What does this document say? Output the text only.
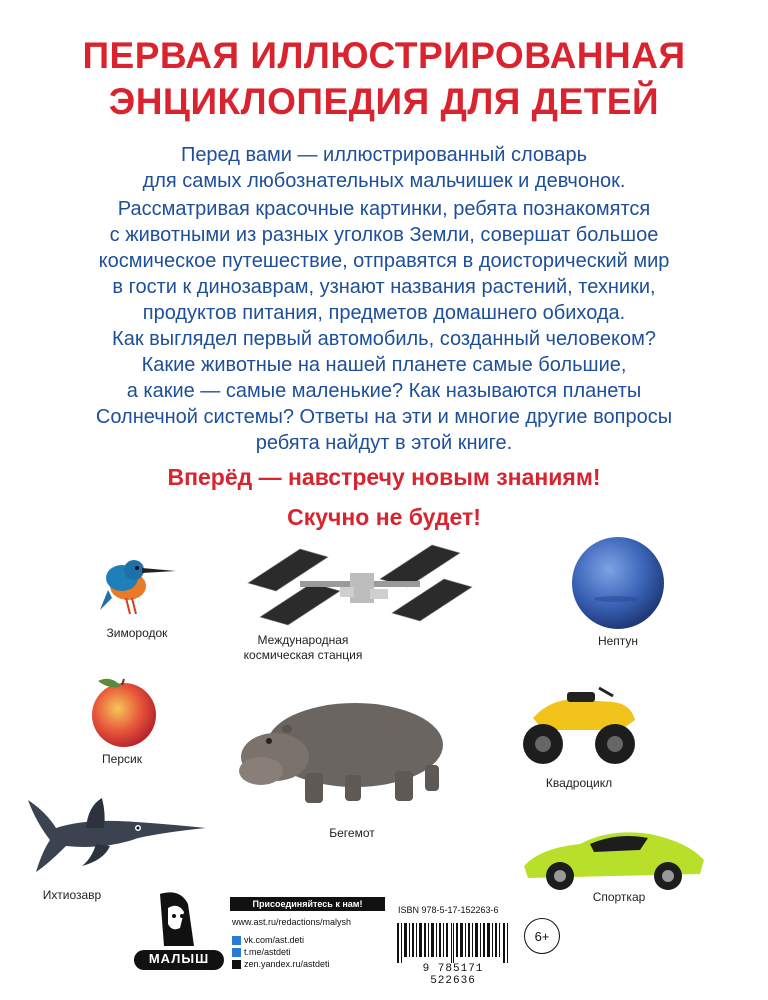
ПЕРВАЯ ИЛЛЮСТРИРОВАННАЯ
ЭНЦИКЛОПЕДИЯ ДЛЯ ДЕТЕЙ
Перед вами — иллюстрированный словарь
для самых любознательных мальчишек и девчонок.
Рассматривая красочные картинки, ребята познакомятся
с животными из разных уголков Земли, совершат большое
космическое путешествие, отправятся в доисторический мир
в гости к динозаврам, узнают названия растений, техники,
продуктов питания, предметов домашнего обихода.
Как выглядел первый автомобиль, созданный человеком?
Какие животные на нашей планете самые большие,
а какие — самые маленькие? Как называются планеты
Солнечной системы? Ответы на эти и многие другие вопросы
ребята найдут в этой книге.
Вперёд — навстречу новым знаниям!
Скучно не будет!
Зимородок	Международная
космическая станция
Нептун
Персик
Бегемот
Квадроцикл
Ихтиозавр	Спорткар
МАЛЫШ
Присоединяйтесь к нам!
www.ast.ru/redactions/malysh
vk.com/ast.deti
t.me/astdeti
zen.yandex.ru/astdeti
ISBN 978-5-17-152263-6
9 785171 522636
6+
